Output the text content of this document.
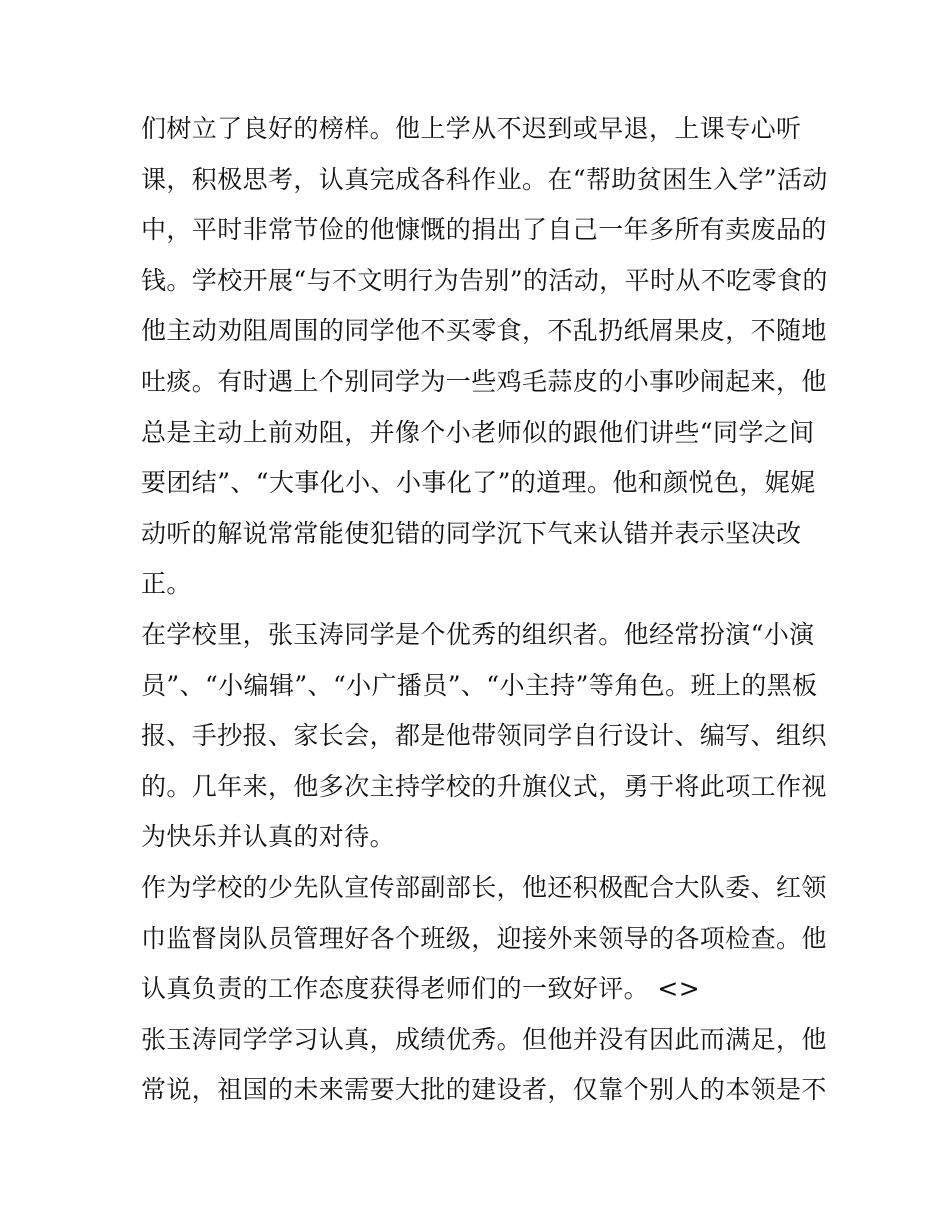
们树立了良好的榜样。他上学从不迟到或早退，上课专心听
课，积极思考，认真完成各科作业。在“帮助贫困生入学”活动
中，平时非常节俭的他慷慨的捐出了自己一年多所有卖废品的
钱。学校开展“与不文明行为告别”的活动，平时从不吃零食的
他主动劝阻周围的同学他不买零食，不乱扔纸屑果皮，不随地
吐痰。有时遇上个别同学为一些鸡毛蒜皮的小事吵闹起来，他
总是主动上前劝阻，并像个小老师似的跟他们讲些“同学之间
要团结”、“大事化小、小事化了”的道理。他和颜悦色，娓娓
动听的解说常常能使犯错的同学沉下气来认错并表示坚决改
正。
在学校里，张玉涛同学是个优秀的组织者。他经常扮演“小演
员”、“小编辑”、“小广播员”、“小主持”等角色。班上的黑板
报、手抄报、家长会，都是他带领同学自行设计、编写、组织
的。几年来，他多次主持学校的升旗仪式，勇于将此项工作视
为快乐并认真的对待。
作为学校的少先队宣传部副部长，他还积极配合大队委、红领
巾监督岗队员管理好各个班级，迎接外来领导的各项检查。他
认真负责的工作态度获得老师们的一致好评。 <>
张玉涛同学学习认真，成绩优秀。但他并没有因此而满足，他
常说，祖国的未来需要大批的建设者，仅靠个别人的本领是不
